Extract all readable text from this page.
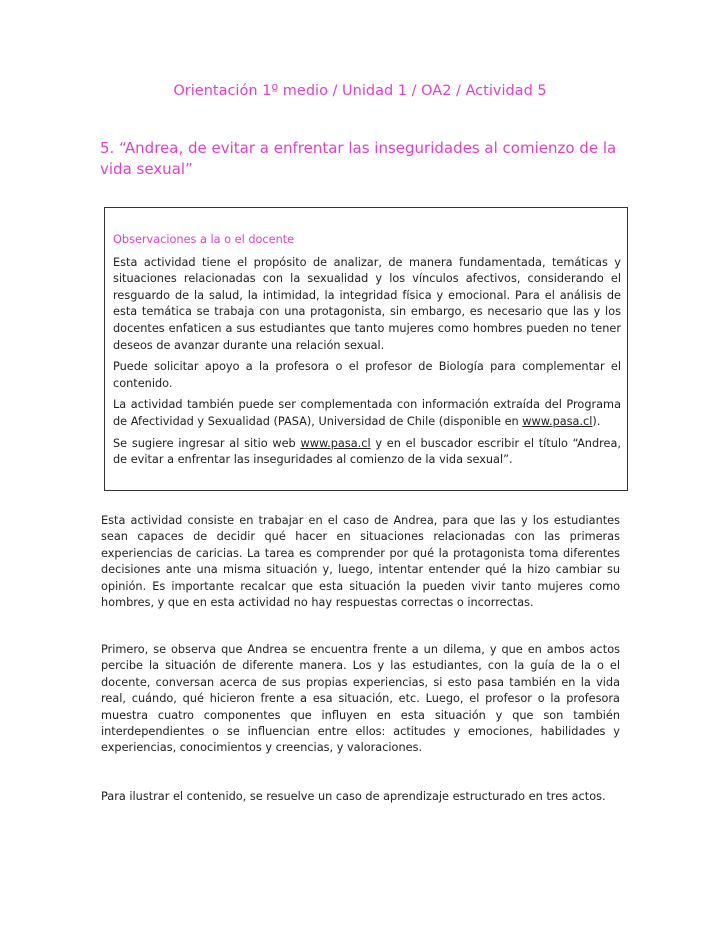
Orientación 1º medio / Unidad 1 / OA2 / Actividad 5
5. “Andrea, de evitar a enfrentar las inseguridades al comienzo de la vida sexual”
Observaciones a la o el docente

Esta actividad tiene el propósito de analizar, de manera fundamentada, temáticas y situaciones relacionadas con la sexualidad y los vínculos afectivos, considerando el resguardo de la salud, la intimidad, la integridad física y emocional. Para el análisis de esta temática se trabaja con una protagonista, sin embargo, es necesario que las y los docentes enfaticen a sus estudiantes que tanto mujeres como hombres pueden no tener deseos de avanzar durante una relación sexual.

Puede solicitar apoyo a la profesora o el profesor de Biología para complementar el contenido.

La actividad también puede ser complementada con información extraída del Programa de Afectividad y Sexualidad (PASA), Universidad de Chile (disponible en www.pasa.cl).

Se sugiere ingresar al sitio web www.pasa.cl y en el buscador escribir el título “Andrea, de evitar a enfrentar las inseguridades al comienzo de la vida sexual”.

Esta actividad consiste en trabajar en el caso de Andrea, para que las y los estudiantes sean capaces de decidir qué hacer en situaciones relacionadas con las primeras experiencias de caricias. La tarea es comprender por qué la protagonista toma diferentes decisiones ante una misma situación y, luego, intentar entender qué la hizo cambiar su opinión. Es importante recalcar que esta situación la pueden vivir tanto mujeres como hombres, y que en esta actividad no hay respuestas correctas o incorrectas.

Primero, se observa que Andrea se encuentra frente a un dilema, y que en ambos actos percibe la situación de diferente manera. Los y las estudiantes, con la guía de la o el docente, conversan acerca de sus propias experiencias, si esto pasa también en la vida real, cuándo, qué hicieron frente a esa situación, etc. Luego, el profesor o la profesora muestra cuatro componentes que influyen en esta situación y que son también interdependientes o se influencian entre ellos: actitudes y emociones, habilidades y experiencias, conocimientos y creencias, y valoraciones.

Para ilustrar el contenido, se resuelve un caso de aprendizaje estructurado en tres actos.
